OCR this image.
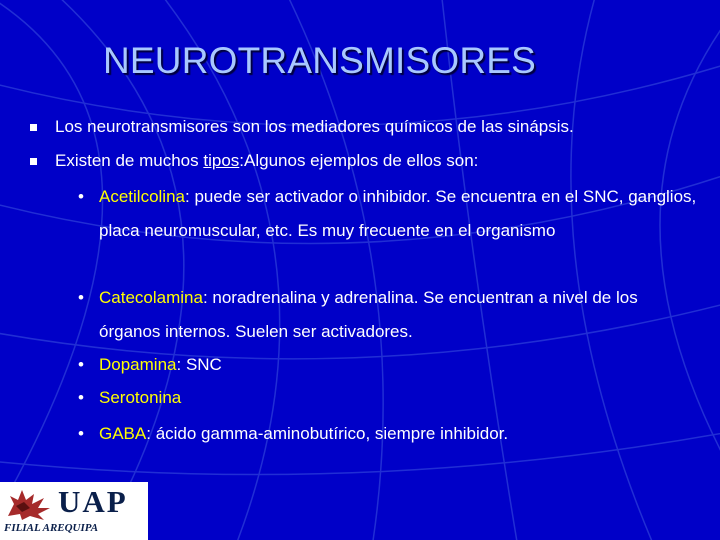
NEUROTRANSMISORES
Los neurotransmisores son los mediadores químicos de las sinápsis.
Existen de muchos tipos:Algunos ejemplos de ellos son:
• Acetilcolina: puede ser activador o inhibidor. Se encuentra en el SNC, ganglios, placa neuromuscular, etc. Es muy frecuente en el organismo
• Catecolamina: noradrenalina y adrenalina. Se encuentran a nivel de los órganos internos. Suelen ser activadores.
• Dopamina: SNC
• Serotonina
• GABA: ácido gamma-aminobutírico, siempre inhibidor.
UAP
FILIAL AREQUIPA
